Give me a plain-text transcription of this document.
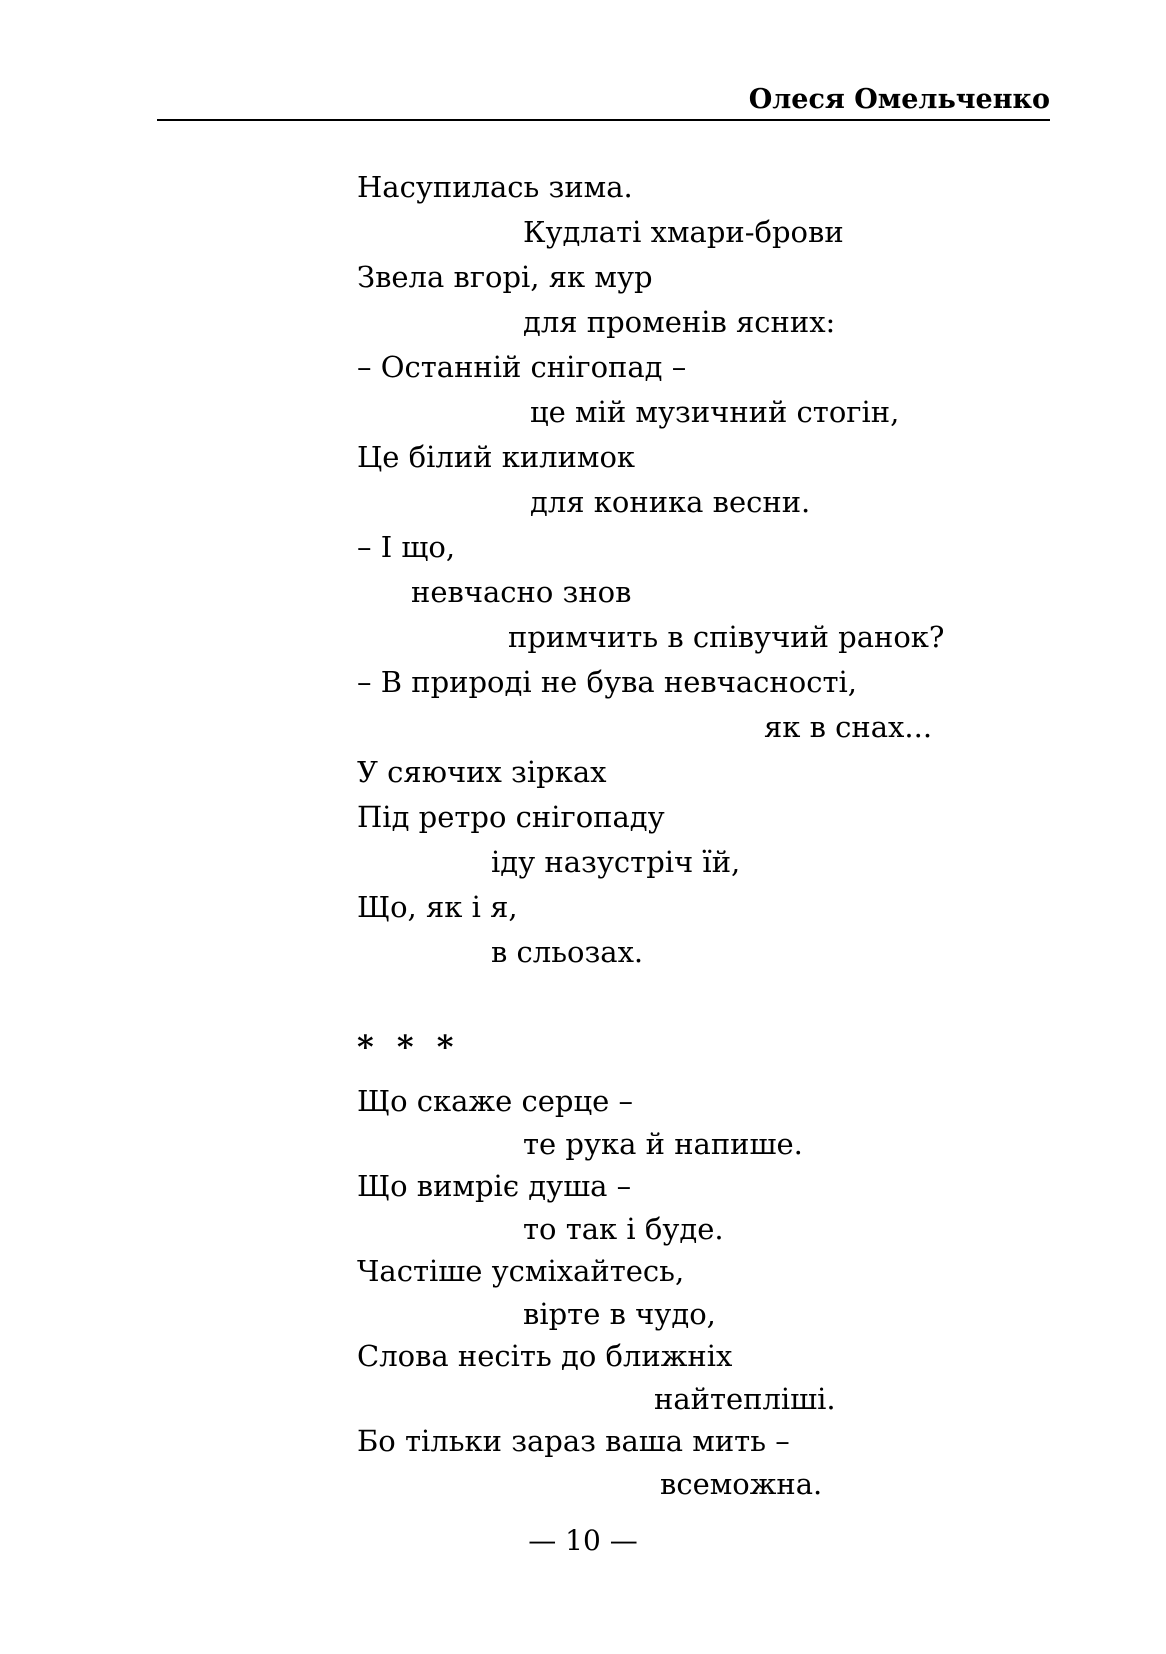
Олеся Омельченко
Насупилась зима.
Кудлаті хмари-брови
Звела вгорі, як мур
для променів ясних:
– Останній снігопад –
це мій музичний стогін,
Це білий килимок
для коника весни.
– І що,
невчасно знов
примчить в співучий ранок?
– В природі не бува невчасності,
як в снах...
У сяючих зірках
Під ретро снігопаду
іду назустріч їй,
Що, як і я,
в сльозах.
* * *
Що скаже серце –
те рука й напише.
Що вимріє душа –
то так і буде.
Частіше усміхайтесь,
вірте в чудо,
Слова несіть до ближніх
найтепліші.
Бо тільки зараз ваша мить –
всеможна.
— 10 —
